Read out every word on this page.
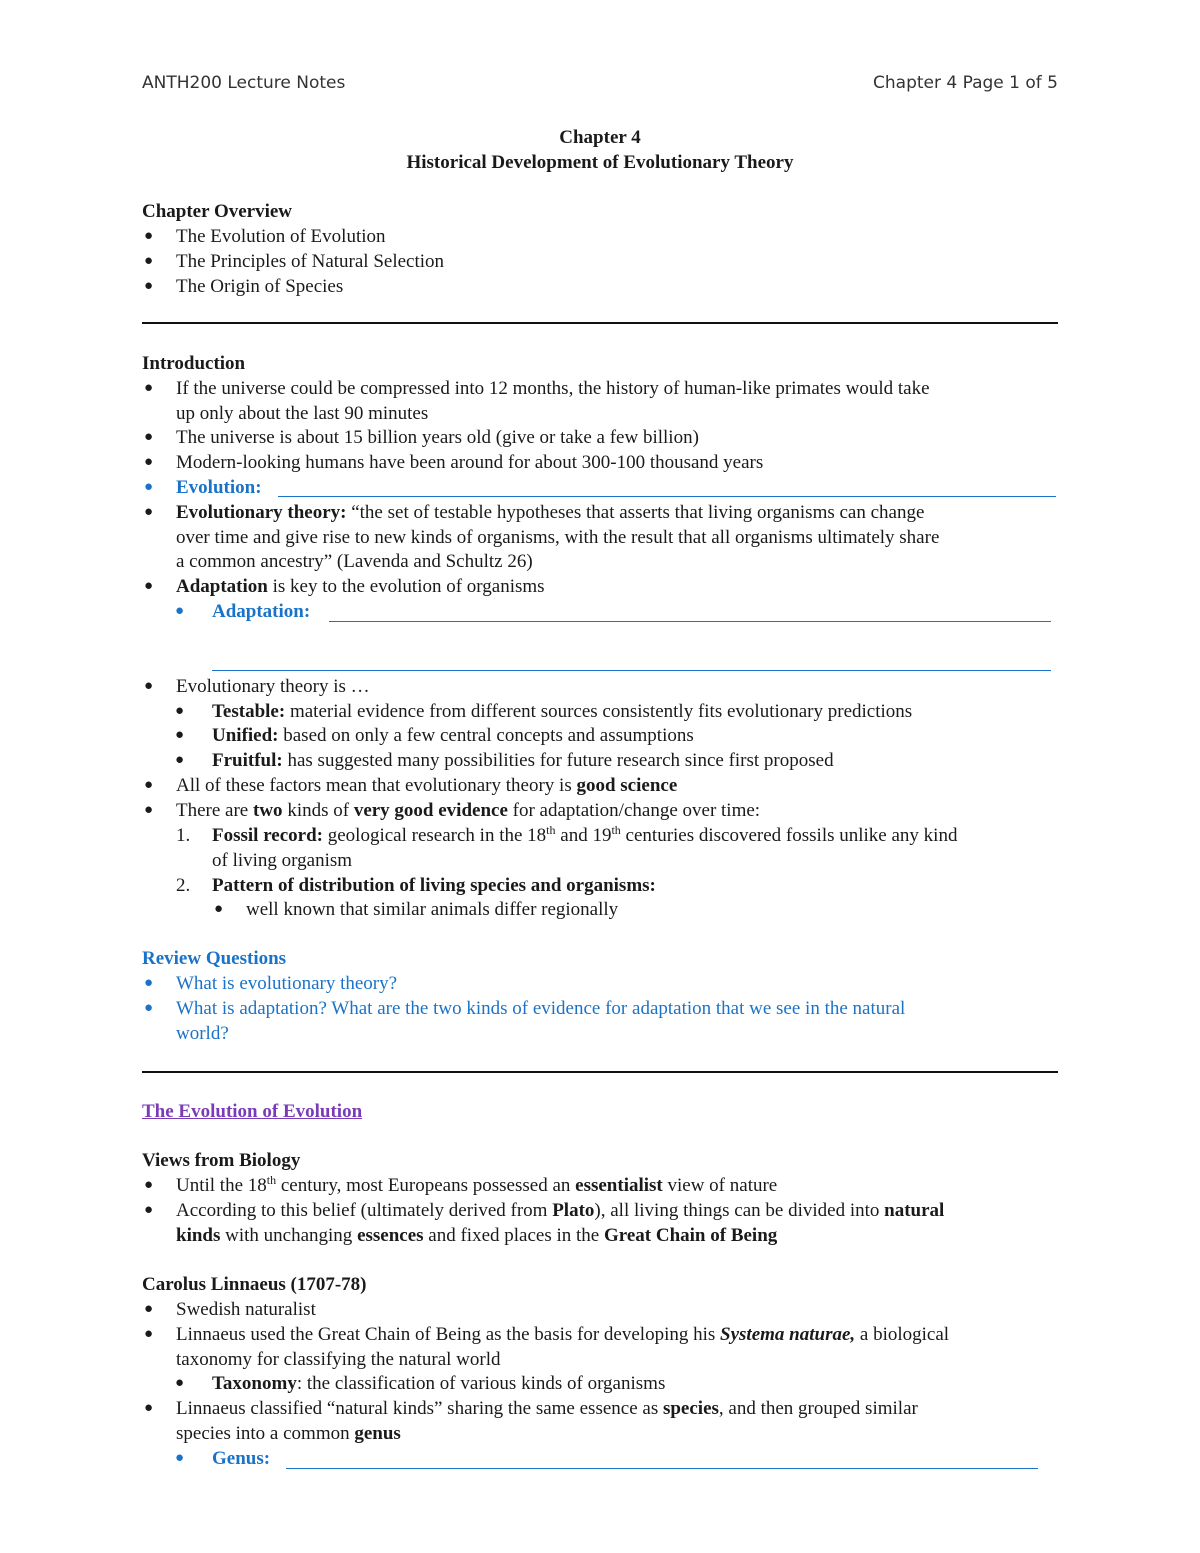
ANTH200 Lecture Notes	Chapter 4 Page 1 of 5
Chapter 4
Historical Development of Evolutionary Theory
Chapter Overview
● The Evolution of Evolution
● The Principles of Natural Selection
● The Origin of Species
Introduction
● If the universe could be compressed into 12 months, the history of human-like primates would take
up only about the last 90 minutes
● The universe is about 15 billion years old (give or take a few billion)
● Modern-looking humans have been around for about 300-100 thousand years
● Evolution:
● Evolutionary theory: “the set of testable hypotheses that asserts that living organisms can change
over time and give rise to new kinds of organisms, with the result that all organisms ultimately share
a common ancestry” (Lavenda and Schultz 26)
● Adaptation is key to the evolution of organisms
● Adaptation:
● Evolutionary theory is …
● Testable: material evidence from different sources consistently fits evolutionary predictions
● Unified: based on only a few central concepts and assumptions
● Fruitful: has suggested many possibilities for future research since first proposed
● All of these factors mean that evolutionary theory is good science
● There are two kinds of very good evidence for adaptation/change over time:
1. Fossil record: geological research in the 18th and 19th centuries discovered fossils unlike any kind
of living organism
2. Pattern of distribution of living species and organisms:
● well known that similar animals differ regionally
Review Questions
● What is evolutionary theory?
● What is adaptation? What are the two kinds of evidence for adaptation that we see in the natural
world?
The Evolution of Evolution
Views from Biology
● Until the 18th century, most Europeans possessed an essentialist view of nature
● According to this belief (ultimately derived from Plato), all living things can be divided into natural
kinds with unchanging essences and fixed places in the Great Chain of Being
Carolus Linnaeus (1707-78)
● Swedish naturalist
● Linnaeus used the Great Chain of Being as the basis for developing his Systema naturae, a biological
taxonomy for classifying the natural world
● Taxonomy: the classification of various kinds of organisms
● Linnaeus classified “natural kinds” sharing the same essence as species, and then grouped similar
species into a common genus
● Genus:
